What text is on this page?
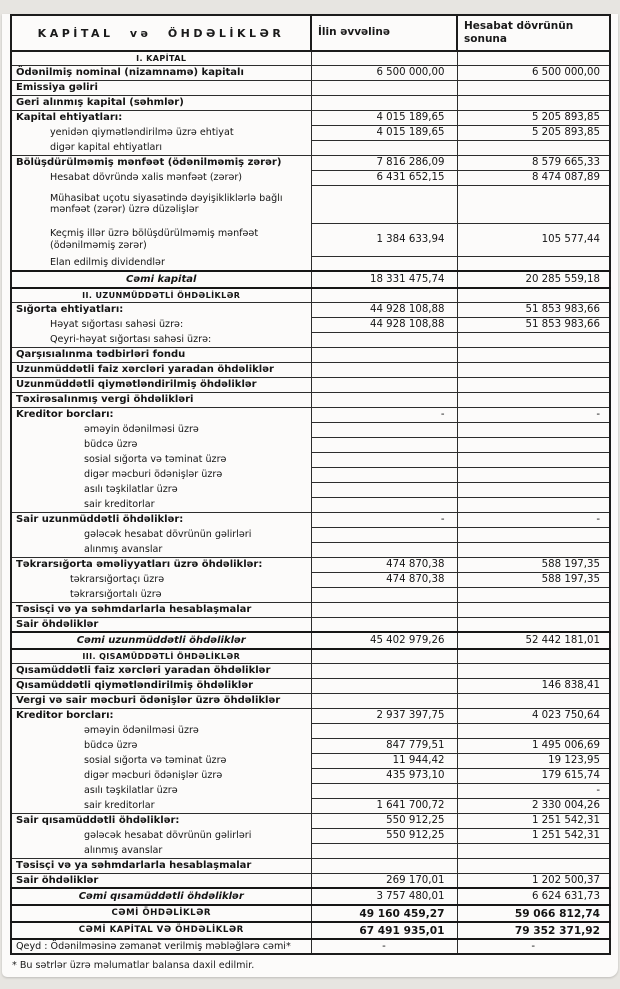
KAPİTAL və ÖHDƏLİKLƏR	İlin əvvəlinə	Hesabat dövrünün sonuna
I. KAPİTAL		
Ödənilmiş nominal (nizamnamə) kapitalı	6 500 000,00	6 500 000,00
Emissiya gəliri		
Geri alınmış kapital (səhmlər)		
Kapital ehtiyatları:	4 015 189,65	5 205 893,85
yenidən qiymətləndirilmə üzrə ehtiyat	4 015 189,65	5 205 893,85
digər kapital ehtiyatları		
Bölüşdürülməmiş mənfəət (ödənilməmiş zərər)	7 816 286,09	8 579 665,33
Hesabat dövründə xalis mənfəət (zərər)	6 431 652,15	8 474 087,89
Mühasibat uçotu siyasətində dəyişikliklərlə bağlı mənfəət (zərər) üzrə düzəlişlər		
Keçmiş illər üzrə bölüşdürülməmiş mənfəət (ödənilməmiş zərər)	1 384 633,94	105 577,44
Elan edilmiş dividendlər		
Cəmi kapital	18 331 475,74	20 285 559,18
II. UZUNMÜDDƏTLİ ÖHDƏLİKLƏR		
Sığorta ehtiyatları:	44 928 108,88	51 853 983,66
Həyat sığortası sahəsi üzrə:	44 928 108,88	51 853 983,66
Qeyri-həyat sığortası sahəsi üzrə:		
Qarşısıalınma tədbirləri fondu		
Uzunmüddətli faiz xərcləri yaradan öhdəliklər		
Uzunmüddətli qiymətləndirilmiş öhdəliklər		
Təxirəsalınmış vergi öhdəlikləri		
Kreditor borcları:	-	-
əməyin ödənilməsi üzrə		
büdcə üzrə		
sosial sığorta və təminat üzrə		
digər məcburi ödənişlər üzrə		
asılı təşkilatlar üzrə		
sair kreditorlar		
Sair uzunmüddətli öhdəliklər:	-	-
gələcək hesabat dövrünün gəlirləri		
alınmış avanslar		
Təkrarsığorta əməliyyatları üzrə öhdəliklər:	474 870,38	588 197,35
təkrarsığortaçı üzrə	474 870,38	588 197,35
təkrarsığortalı üzrə		
Təsisçi və ya səhmdarlarla hesablaşmalar		
Sair öhdəliklər		
Cəmi uzunmüddətli öhdəliklər	45 402 979,26	52 442 181,01
III. QISAMÜDDƏTLİ ÖHDƏLİKLƏR		
Qısamüddətli faiz xərcləri yaradan öhdəliklər		
Qısamüddətli qiymətləndirilmiş öhdəliklər		146 838,41
Vergi və sair məcburi ödənişlər üzrə öhdəliklər		
Kreditor borcları:	2 937 397,75	4 023 750,64
əməyin ödənilməsi üzrə		
büdcə üzrə	847 779,51	1 495 006,69
sosial sığorta və təminat üzrə	11 944,42	19 123,95
digər məcburi ödənişlər üzrə	435 973,10	179 615,74
asılı təşkilatlar üzrə		-
sair kreditorlar	1 641 700,72	2 330 004,26
Sair qısamüddətli öhdəliklər:	550 912,25	1 251 542,31
gələcək hesabat dövrünün gəlirləri	550 912,25	1 251 542,31
alınmış avanslar		
Təsisçi və ya səhmdarlarla hesablaşmalar		
Sair öhdəliklər	269 170,01	1 202 500,37
Cəmi qısamüddətli öhdəliklər	3 757 480,01	6 624 631,73
CƏMİ ÖHDƏLİKLƏR	49 160 459,27	59 066 812,74
CƏMİ KAPİTAL VƏ ÖHDƏLİKLƏR	67 491 935,01	79 352 371,92
Qeyd : Ödənilməsinə zəmanət verilmiş məbləğlərə cəmi*	-	-
* Bu sətrlər üzrə məlumatlar balansa daxil edilmir.
